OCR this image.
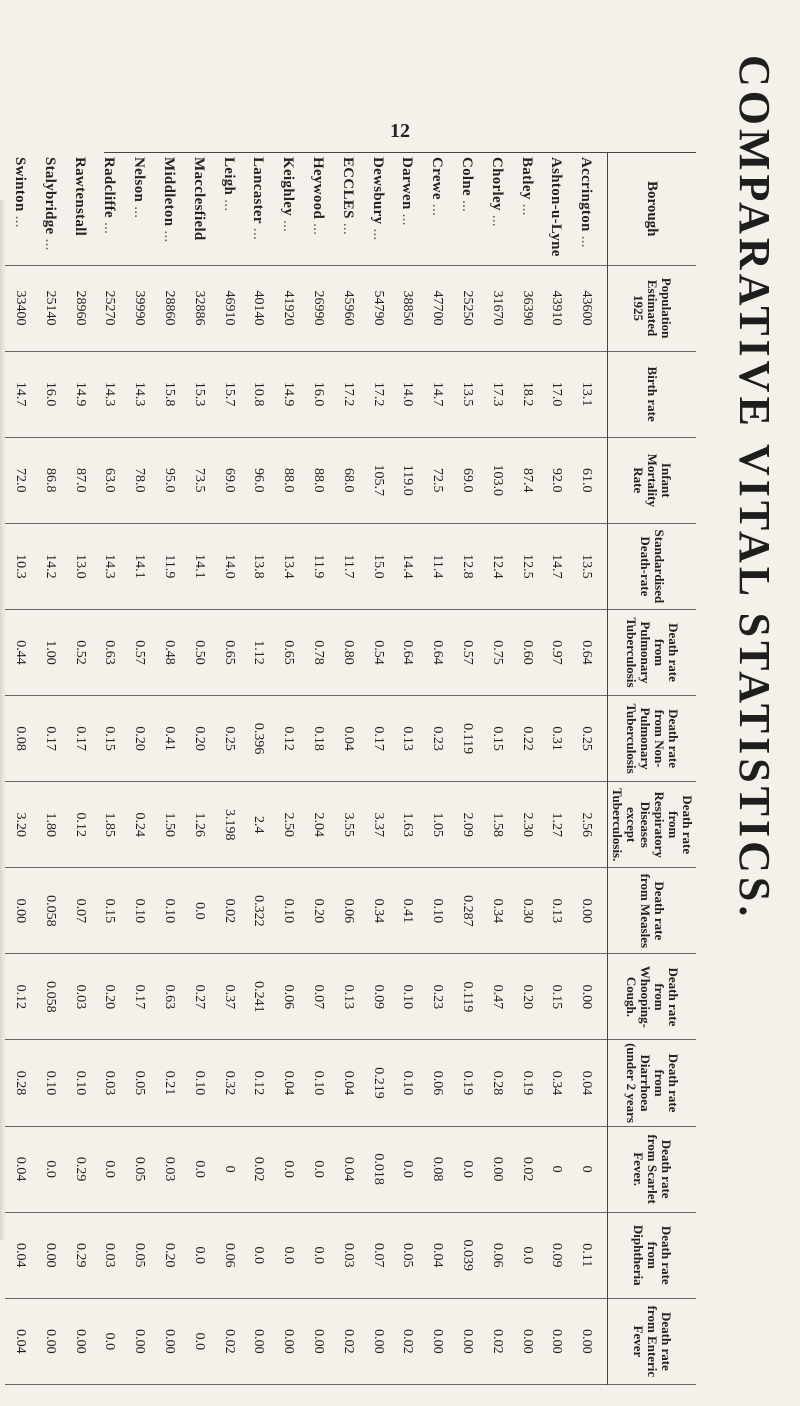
12	COMPARATIVE VITAL STATISTICS.
Borough	Population Estimated 1925	Birth rate	Infant Mortality Rate	Standardised Death-rate	Death rate from Pulmonary Tuberculosis	Death rate from Non-Pulmonary Tuberculosis	Death rate from Respiratory Diseases except Tuberculosis.	Death rate from Measles	Death rate from Whooping-Cough.	Death rate from Diarrhoea (under 2 years	Death rate from Scarlet Fever.	Death rate from Diphtheria	Death rate from Enteric Fever
Accrington ...	43600	13.1	61.0	13.5	0.64	0.25	2.56	0.00	0.00	0.04	0	0.11	0.00
Ashton-u-Lyne	43910	17.0	92.0	14.7	0.97	0.31	1.27	0.13	0.15	0.34	0	0.09	0.00
Batley ...	36390	18.2	87.4	12.5	0.60	0.22	2.30	0.30	0.20	0.19	0.02	0.0	0.00
Chorley ...	31670	17.3	103.0	12.4	0.75	0.15	1.58	0.34	0.47	0.28	0.00	0.06	0.02
Colne ...	25250	13.5	69.0	12.8	0.57	0.119	2.09	0.287	0.119	0.19	0.0	0.039	0.00
Crewe ...	47700	14.7	72.5	11.4	0.64	0.23	1.05	0.10	0.23	0.06	0.08	0.04	0.00
Darwen ...	38850	14.0	119.0	14.4	0.64	0.13	1.63	0.41	0.10	0.10	0.0	0.05	0.02
Dewsbury ...	54790	17.2	105.7	15.0	0.54	0.17	3.37	0.34	0.09	0.219	0.018	0.07	0.00
ECCLES ...	45960	17.2	68.0	11.7	0.80	0.04	3.55	0.06	0.13	0.04	0.04	0.03	0.02
Heywood ...	26990	16.0	88.0	11.9	0.78	0.18	2.04	0.20	0.07	0.10	0.0	0.0	0.00
Keighley ...	41920	14.9	88.0	13.4	0.65	0.12	2.50	0.10	0.06	0.04	0.0	0.0	0.00
Lancaster ...	40140	10.8	96.0	13.8	1.12	0.396	2.4	0.322	0.241	0.12	0.02	0.0	0.00
Leigh ...	46910	15.7	69.0	14.0	0.65	0.25	3.198	0.02	0.37	0.32	0	0.06	0.02
Macclesfield	32886	15.3	73.5	14.1	0.50	0.20	1.26	0.0	0.27	0.10	0.0	0.0	0.0
Middleton ...	28860	15.8	95.0	11.9	0.48	0.41	1.50	0.10	0.63	0.21	0.03	0.20	0.00
Nelson ...	39990	14.3	78.0	14.1	0.57	0.20	0.24	0.10	0.17	0.05	0.05	0.05	0.00
Radcliffe ...	25270	14.3	63.0	14.3	0.63	0.15	1.85	0.15	0.20	0.03	0.0	0.03	0.0
Rawtenstall	28960	14.9	87.0	13.0	0.52	0.17	0.12	0.07	0.03	0.10	0.29	0.29	0.00
Stalybridge ...	25140	16.0	86.8	14.2	1.00	0.17	1.80	0.058	0.058	0.10	0.0	0.00	0.00
Swinton ...	33400	14.7	72.0	10.3	0.44	0.08	3.20	0.00	0.12	0.28	0.04	0.04	0.04
